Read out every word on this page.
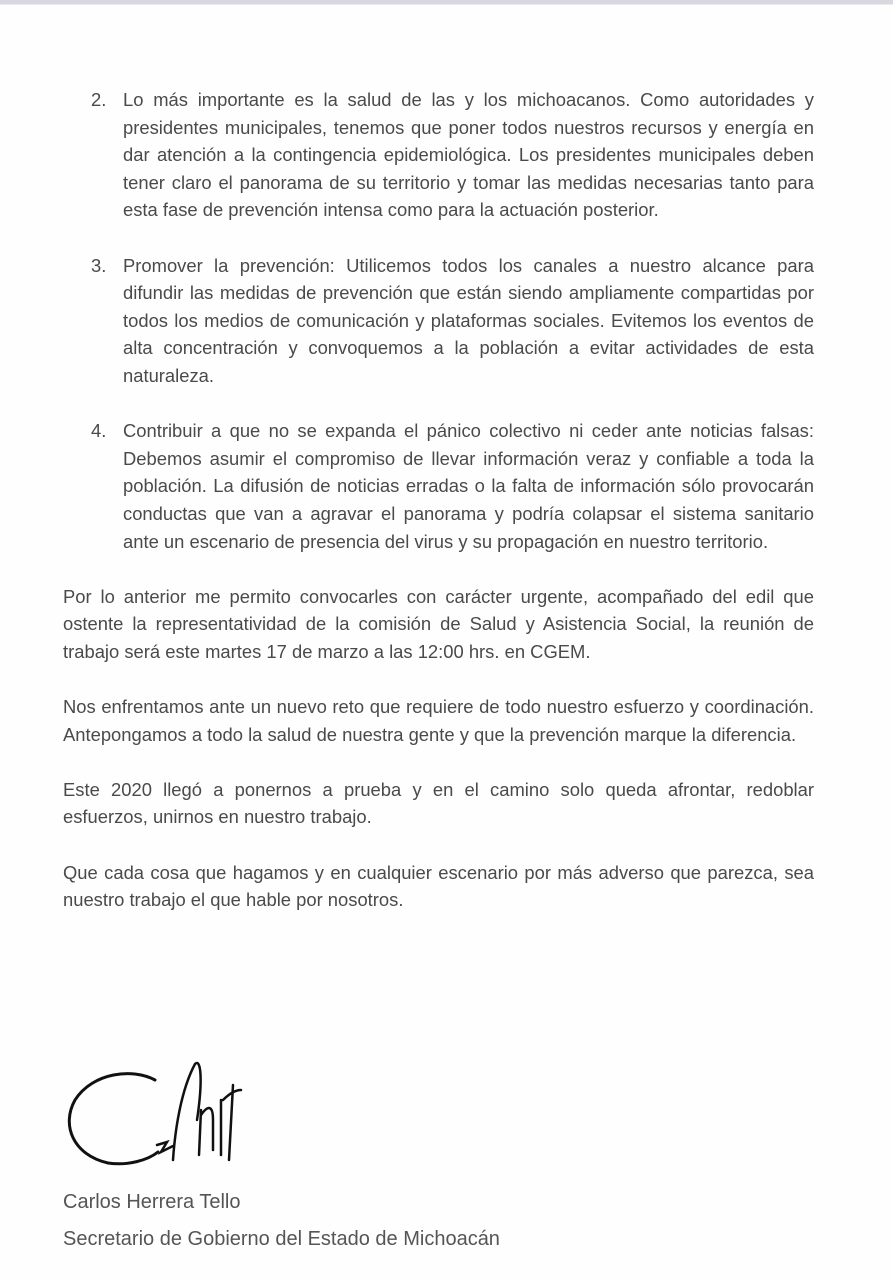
2. Lo más importante es la salud de las y los michoacanos. Como autoridades y presidentes municipales, tenemos que poner todos nuestros recursos y energía en dar atención a la contingencia epidemiológica. Los presidentes municipales deben tener claro el panorama de su territorio y tomar las medidas necesarias tanto para esta fase de prevención intensa como para la actuación posterior.
3. Promover la prevención: Utilicemos todos los canales a nuestro alcance para difundir las medidas de prevención que están siendo ampliamente compartidas por todos los medios de comunicación y plataformas sociales. Evitemos los eventos de alta concentración y convoquemos a la población a evitar actividades de esta naturaleza.
4. Contribuir a que no se expanda el pánico colectivo ni ceder ante noticias falsas: Debemos asumir el compromiso de llevar información veraz y confiable a toda la población. La difusión de noticias erradas o la falta de información sólo provocarán conductas que van a agravar el panorama y podría colapsar el sistema sanitario ante un escenario de presencia del virus y su propagación en nuestro territorio.

Por lo anterior me permito convocarles con carácter urgente, acompañado del edil que ostente la representatividad de la comisión de Salud y Asistencia Social, la reunión de trabajo será este martes 17 de marzo a las 12:00 hrs. en CGEM.

Nos enfrentamos ante un nuevo reto que requiere de todo nuestro esfuerzo y coordinación. Antepongamos a todo la salud de nuestra gente y que la prevención marque la diferencia.

Este 2020 llegó a ponernos a prueba y en el camino solo queda afrontar, redoblar esfuerzos, unirnos en nuestro trabajo.

Que cada cosa que hagamos y en cualquier escenario por más adverso que parezca, sea nuestro trabajo el que hable por nosotros.

Carlos Herrera Tello
Secretario de Gobierno del Estado de Michoacán
